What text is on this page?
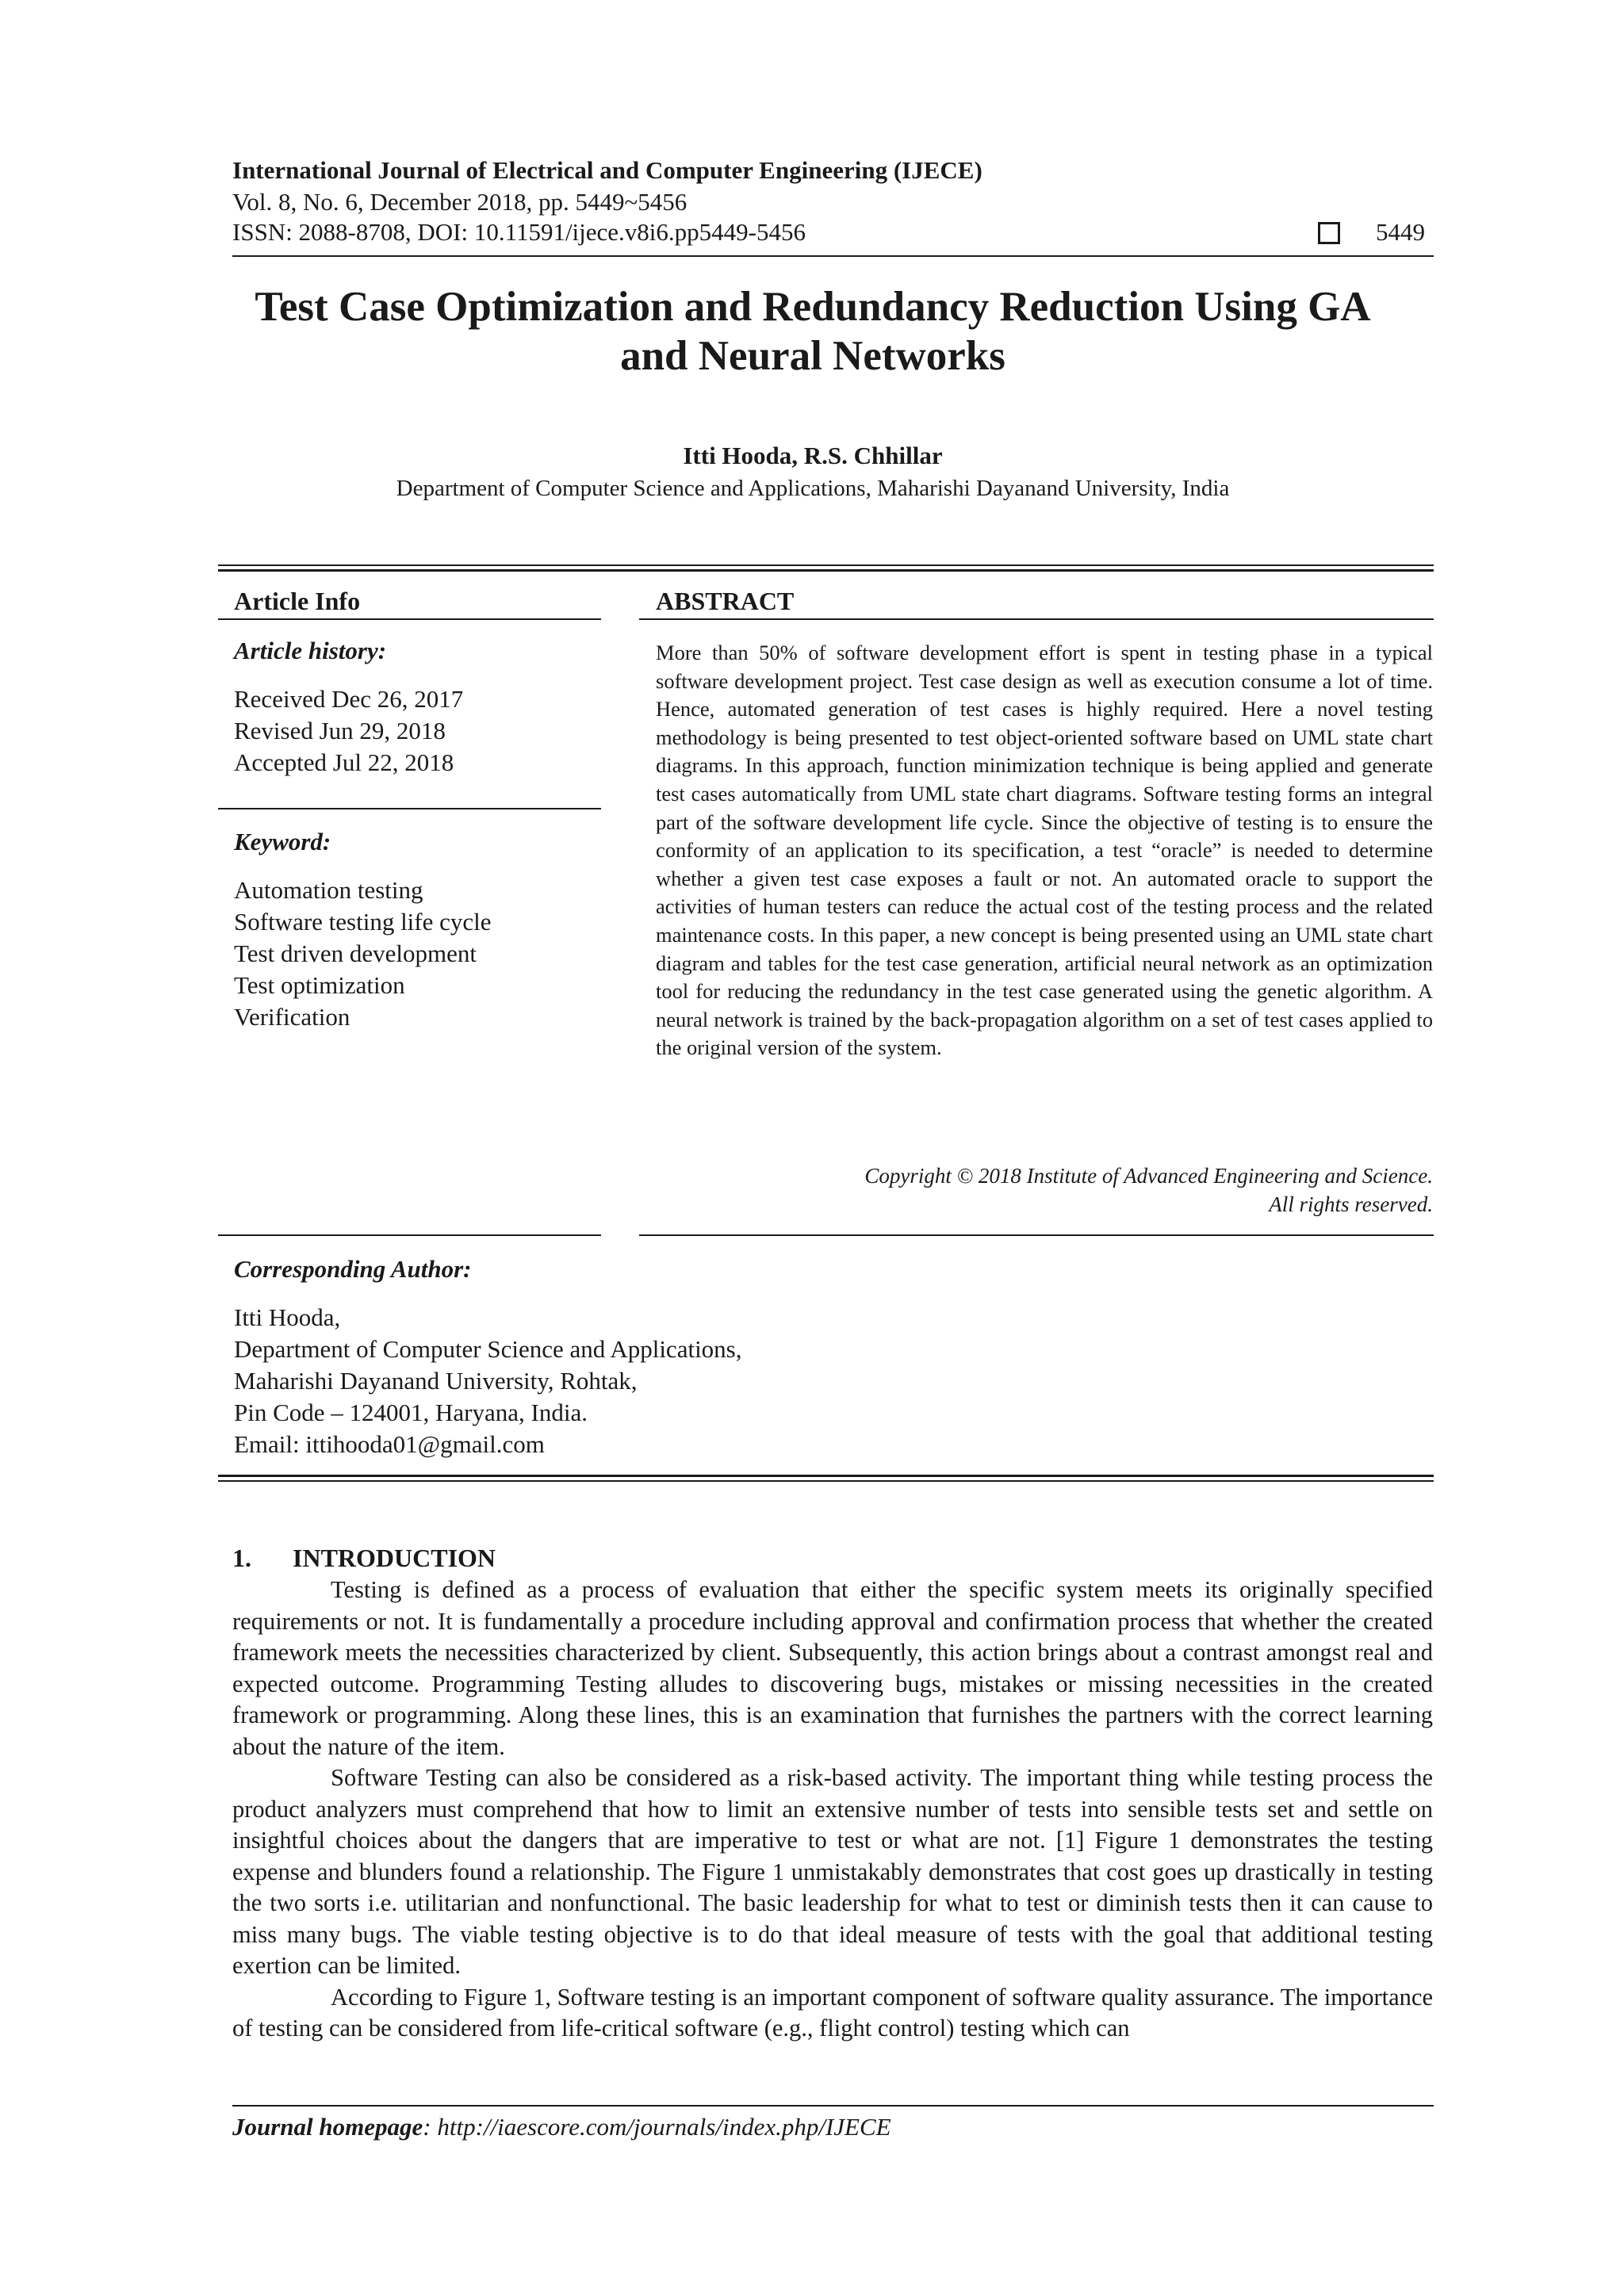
International Journal of Electrical and Computer Engineering (IJECE)
Vol. 8, No. 6, December 2018, pp. 5449~5456
ISSN: 2088-8708, DOI: 10.11591/ijece.v8i6.pp5449-5456	5449
Test Case Optimization and Redundancy Reduction Using GA
and Neural Networks
Itti Hooda, R.S. Chhillar
Department of Computer Science and Applications, Maharishi Dayanand University, India
Article Info
Article history:
Received Dec 26, 2017
Revised Jun 29, 2018
Accepted Jul 22, 2018
Keyword:
Automation testing
Software testing life cycle
Test driven development
Test optimization
Verification
ABSTRACT
More than 50% of software development effort is spent in testing phase in a typical software development project. Test case design as well as execution consume a lot of time. Hence, automated generation of test cases is highly required. Here a novel testing methodology is being presented to test object-oriented software based on UML state chart diagrams. In this approach, function minimization technique is being applied and generate test cases automatically from UML state chart diagrams. Software testing forms an integral part of the software development life cycle. Since the objective of testing is to ensure the conformity of an application to its specification, a test “oracle” is needed to determine whether a given test case exposes a fault or not. An automated oracle to support the activities of human testers can reduce the actual cost of the testing process and the related maintenance costs. In this paper, a new concept is being presented using an UML state chart diagram and tables for the test case generation, artificial neural network as an optimization tool for reducing the redundancy in the test case generated using the genetic algorithm. A neural network is trained by the back-propagation algorithm on a set of test cases applied to the original version of the system.
Copyright © 2018 Institute of Advanced Engineering and Science.
All rights reserved.
Corresponding Author:
Itti Hooda,
Department of Computer Science and Applications,
Maharishi Dayanand University, Rohtak,
Pin Code – 124001, Haryana, India.
Email: ittihooda01@gmail.com
1. INTRODUCTION

Testing is defined as a process of evaluation that either the specific system meets its originally specified requirements or not. It is fundamentally a procedure including approval and confirmation process that whether the created framework meets the necessities characterized by client. Subsequently, this action brings about a contrast amongst real and expected outcome. Programming Testing alludes to discovering bugs, mistakes or missing necessities in the created framework or programming. Along these lines, this is an examination that furnishes the partners with the correct learning about the nature of the item.

Software Testing can also be considered as a risk-based activity. The important thing while testing process the product analyzers must comprehend that how to limit an extensive number of tests into sensible tests set and settle on insightful choices about the dangers that are imperative to test or what are not. [1] Figure 1 demonstrates the testing expense and blunders found a relationship. The Figure 1 unmistakably demonstrates that cost goes up drastically in testing the two sorts i.e. utilitarian and nonfunctional. The basic leadership for what to test or diminish tests then it can cause to miss many bugs. The viable testing objective is to do that ideal measure of tests with the goal that additional testing exertion can be limited.

According to Figure 1, Software testing is an important component of software quality assurance. The importance of testing can be considered from life-critical software (e.g., flight control) testing which can

Journal homepage: http://iaescore.com/journals/index.php/IJECE
